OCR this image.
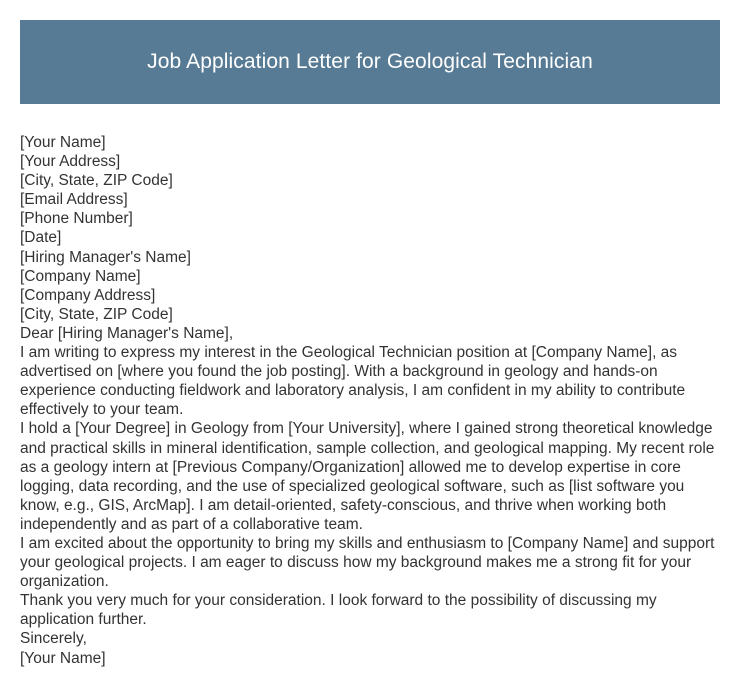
Job Application Letter for Geological Technician

[Your Name]

[Your Address]

[City, State, ZIP Code]

[Email Address]

[Phone Number]

[Date]

[Hiring Manager's Name]

[Company Name]

[Company Address]

[City, State, ZIP Code]

Dear [Hiring Manager's Name],

I am writing to express my interest in the Geological Technician position at [Company Name], as advertised on [where you found the job posting]. With a background in geology and hands-on experience conducting fieldwork and laboratory analysis, I am confident in my ability to contribute effectively to your team.

I hold a [Your Degree] in Geology from [Your University], where I gained strong theoretical knowledge and practical skills in mineral identification, sample collection, and geological mapping. My recent role as a geology intern at [Previous Company/Organization] allowed me to develop expertise in core logging, data recording, and the use of specialized geological software, such as [list software you know, e.g., GIS, ArcMap]. I am detail-oriented, safety-conscious, and thrive when working both independently and as part of a collaborative team.

I am excited about the opportunity to bring my skills and enthusiasm to [Company Name] and support your geological projects. I am eager to discuss how my background makes me a strong fit for your organization.

Thank you very much for your consideration. I look forward to the possibility of discussing my application further.

Sincerely,

[Your Name]
